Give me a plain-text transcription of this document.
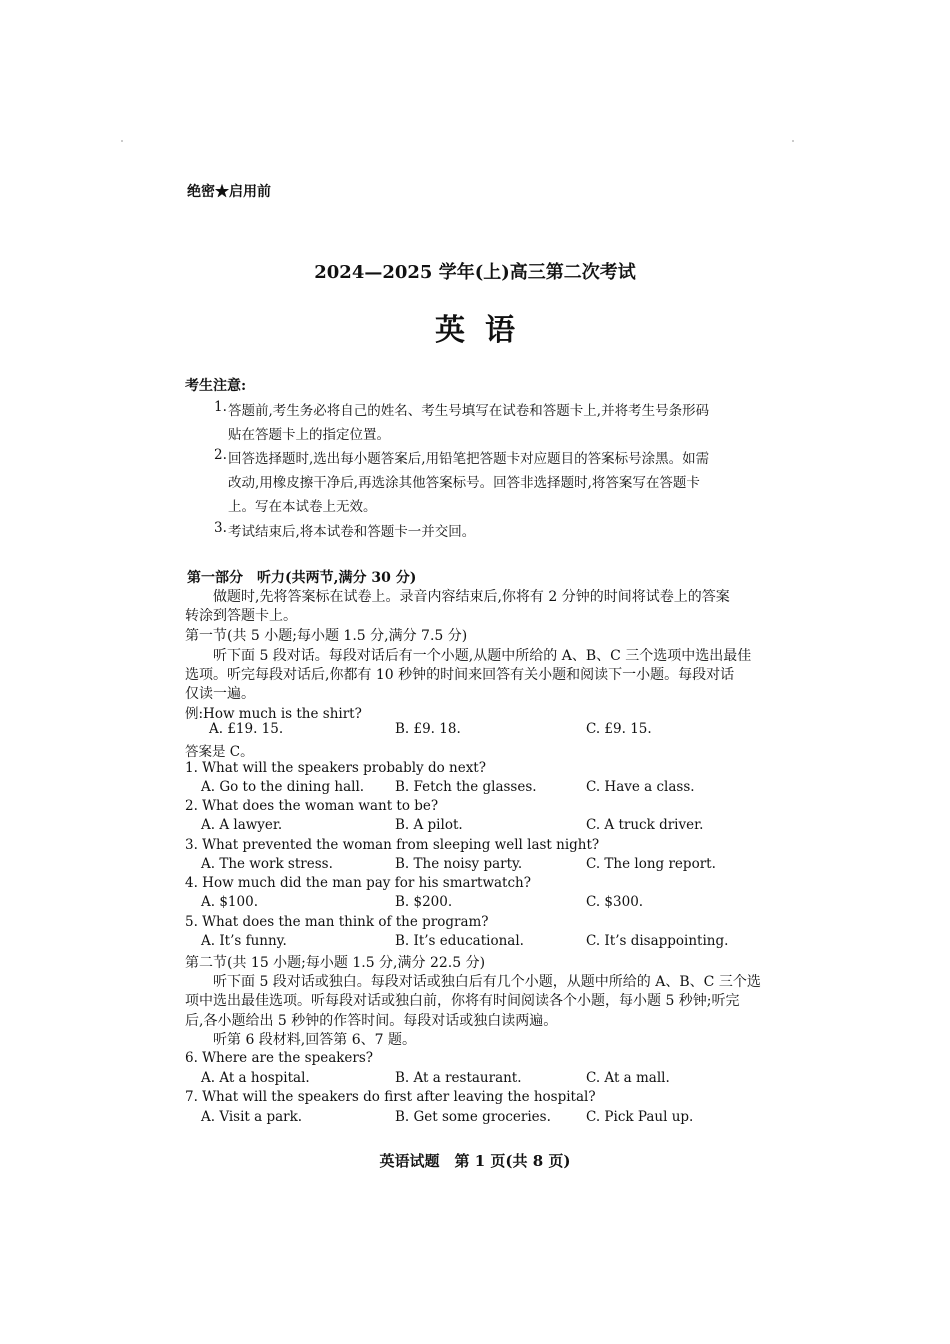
绝密★启用前
2024—2025 学年(上)高三第二次考试
英语
考生注意:
1. 答题前,考生务必将自己的姓名、考生号填写在试卷和答题卡上,并将考生号条形码
贴在答题卡上的指定位置。
2. 回答选择题时,选出每小题答案后,用铅笔把答题卡对应题目的答案标号涂黑。如需
改动,用橡皮擦干净后,再选涂其他答案标号。回答非选择题时,将答案写在答题卡
上。写在本试卷上无效。
3. 考试结束后,将本试卷和答题卡一并交回。
第一部分　听力(共两节,满分 30 分)
做题时,先将答案标在试卷上。录音内容结束后,你将有 2 分钟的时间将试卷上的答案
转涂到答题卡上。
第一节(共 5 小题;每小题 1.5 分,满分 7.5 分)
听下面 5 段对话。每段对话后有一个小题,从题中所给的 A、B、C 三个选项中选出最佳
选项。听完每段对话后,你都有 10 秒钟的时间来回答有关小题和阅读下一小题。每段对话
仅读一遍。
例:How much is the shirt?
A. £19. 15.	B. £9. 18.	C. £9. 15.
答案是 C。
1. What will the speakers probably do next?
A. Go to the dining hall. B. Fetch the glasses.	C. Have a class.
2. What does the woman want to be?
A. A lawyer.	B. A pilot.	C. A truck driver.
3. What prevented the woman from sleeping well last night?
A. The work stress.	B. The noisy party.	C. The long report.
4. How much did the man pay for his smartwatch?
A. $100.	B. $200.	C. $300.
5. What does the man think of the program?
A. It’s funny.	B. It’s educational.	C. It’s disappointing.
第二节(共 15 小题;每小题 1.5 分,满分 22.5 分)
听下面 5 段对话或独白。每段对话或独白后有几个小题，从题中所给的 A、B、C 三个选
项中选出最佳选项。听每段对话或独白前，你将有时间阅读各个小题，每小题 5 秒钟;听完
后,各小题给出 5 秒钟的作答时间。每段对话或独白读两遍。
听第 6 段材料,回答第 6、7 题。
6. Where are the speakers?
A. At a hospital.	B. At a restaurant.	C. At a mall.
7. What will the speakers do first after leaving the hospital?
A. Visit a park.	B. Get some groceries.	C. Pick Paul up.
英语试题　第 1 页(共 8 页)
